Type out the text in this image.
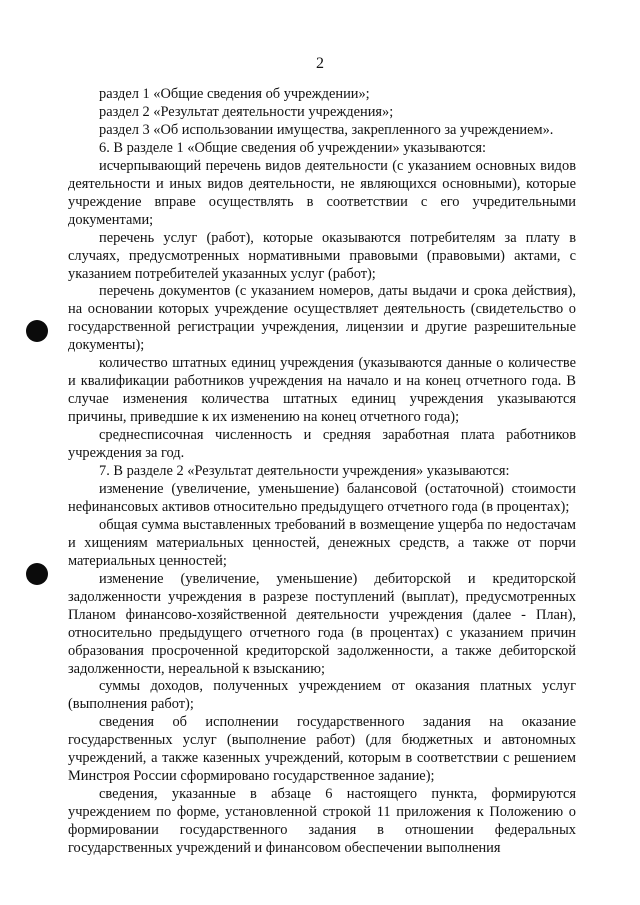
2

раздел 1 «Общие сведения об учреждении»;

раздел 2 «Результат деятельности учреждения»;

раздел 3 «Об использовании имущества, закрепленного за учреждением».

6. В разделе 1 «Общие сведения об учреждении» указываются:

исчерпывающий перечень видов деятельности (с указанием основных видов деятельности и иных видов деятельности, не являющихся основными), которые учреждение вправе осуществлять в соответствии с его учредительными документами;

перечень услуг (работ), которые оказываются потребителям за плату в случаях, предусмотренных нормативными правовыми (правовыми) актами, с указанием потребителей указанных услуг (работ);

перечень документов (с указанием номеров, даты выдачи и срока действия), на основании которых учреждение осуществляет деятельность (свидетельство о государственной регистрации учреждения, лицензии и другие разрешительные документы);

количество штатных единиц учреждения (указываются данные о количестве и квалификации работников учреждения на начало и на конец отчетного года. В случае изменения количества штатных единиц учреждения указываются причины, приведшие к их изменению на конец отчетного года);

среднесписочная численность и средняя заработная плата работников учреждения за год.

7. В разделе 2 «Результат деятельности учреждения» указываются:

изменение (увеличение, уменьшение) балансовой (остаточной) стоимости нефинансовых активов относительно предыдущего отчетного года (в процентах);

общая сумма выставленных требований в возмещение ущерба по недостачам и хищениям материальных ценностей, денежных средств, а также от порчи материальных ценностей;

изменение (увеличение, уменьшение) дебиторской и кредиторской задолженности учреждения в разрезе поступлений (выплат), предусмотренных Планом финансово-хозяйственной деятельности учреждения (далее - План), относительно предыдущего отчетного года (в процентах) с указанием причин образования просроченной кредиторской задолженности, а также дебиторской задолженности, нереальной к взысканию;

суммы доходов, полученных учреждением от оказания платных услуг (выполнения работ);

сведения об исполнении государственного задания на оказание государственных услуг (выполнение работ) (для бюджетных и автономных учреждений, а также казенных учреждений, которым в соответствии с решением Минстроя России сформировано государственное задание);

сведения, указанные в абзаце 6 настоящего пункта, формируются учреждением по форме, установленной строкой 11 приложения к Положению о формировании государственного задания в отношении федеральных государственных учреждений и финансовом обеспечении выполнения
